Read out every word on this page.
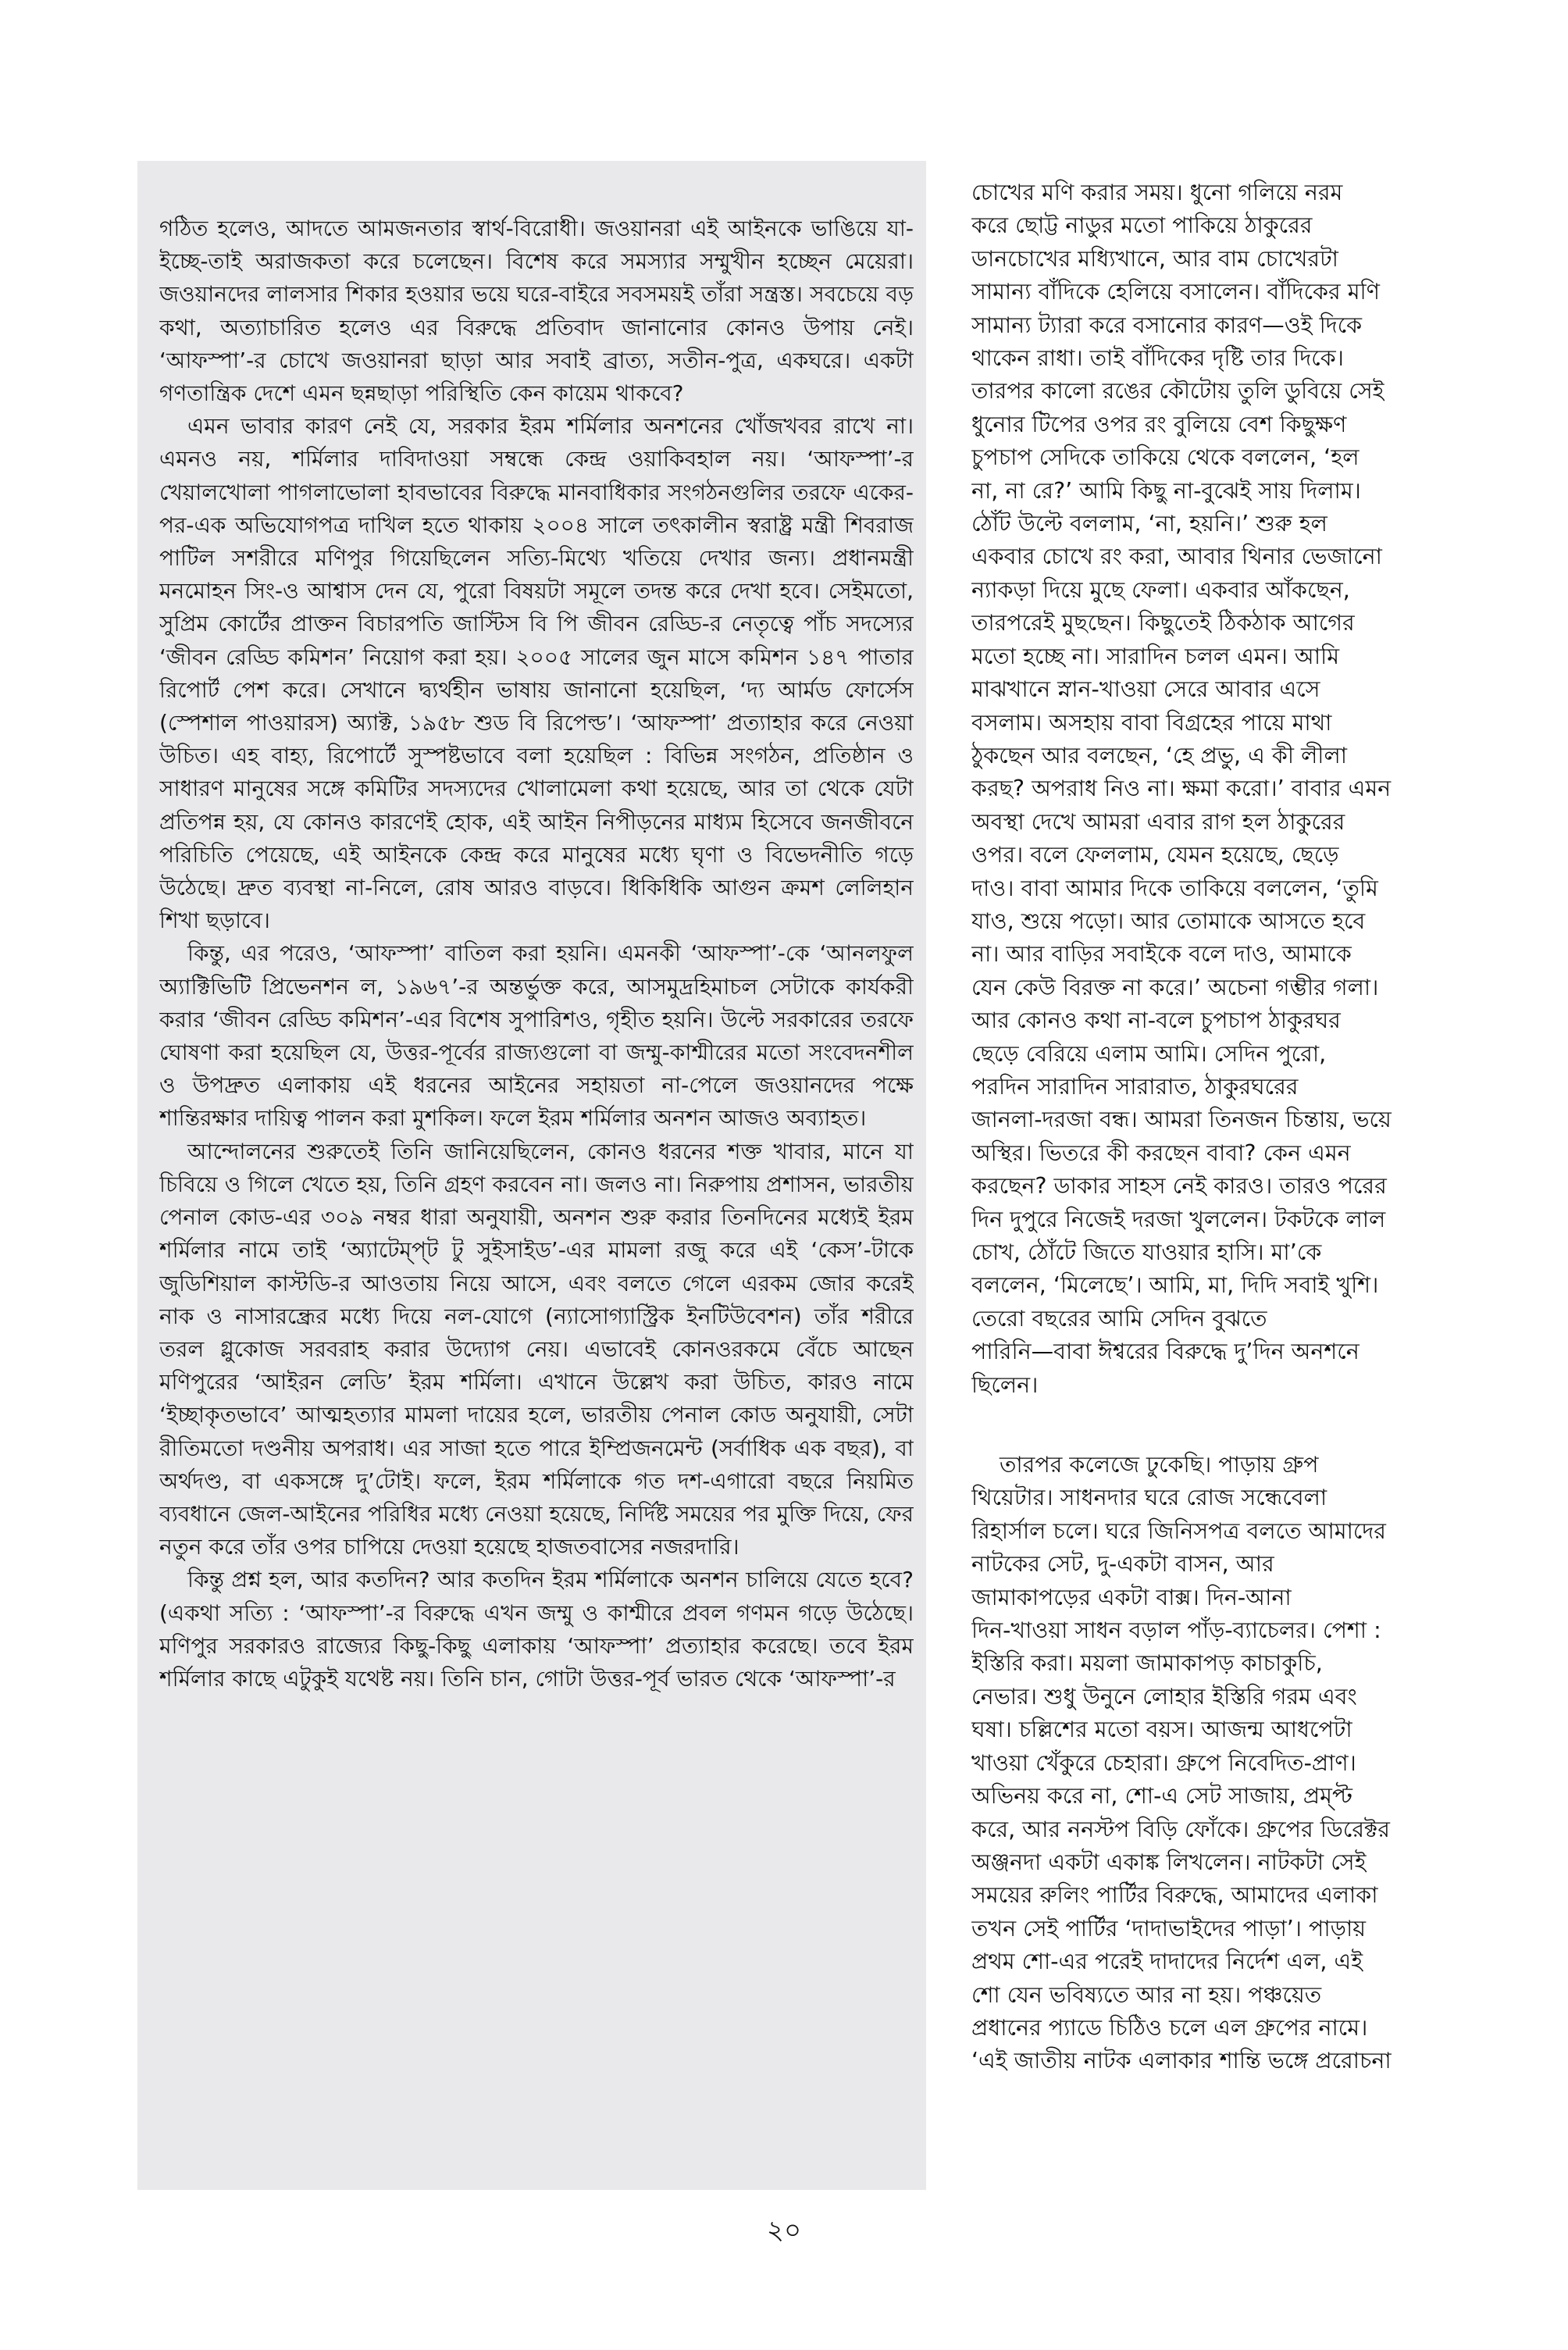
গঠিত হলেও, আদতে আমজনতার স্বার্থ-বিরোধী। জওয়ানরা এই আইনকে ভাঙিয়ে যা-ইচ্ছে-তাই অরাজকতা করে চলেছেন। বিশেষ করে সমস্যার সম্মুখীন হচ্ছেন মেয়েরা। জওয়ানদের লালসার শিকার হওয়ার ভয়ে ঘরে-বাইরে সবসময়ই তাঁরা সন্ত্রস্ত। সবচেয়ে বড় কথা, অত্যাচারিত হলেও এর বিরুদ্ধে প্রতিবাদ জানানোর কোনও উপায় নেই। ‘আফস্পা’-র চোখে জওয়ানরা ছাড়া আর সবাই ব্রাত্য, সতীন-পুত্র, একঘরে। একটা গণতান্ত্রিক দেশে এমন ছন্নছাড়া পরিস্থিতি কেন কায়েম থাকবে?

এমন ভাবার কারণ নেই যে, সরকার ইরম শর্মিলার অনশনের খোঁজখবর রাখে না। এমনও নয়, শর্মিলার দাবিদাওয়া সম্বন্ধে কেন্দ্র ওয়াকিবহাল নয়। ‘আফস্পা’-র খেয়ালখোলা পাগলাভোলা হাবভাবের বিরুদ্ধে মানবাধিকার সংগঠনগুলির তরফে একের-পর-এক অভিযোগপত্র দাখিল হতে থাকায় ২০০৪ সালে তৎকালীন স্বরাষ্ট্র মন্ত্রী শিবরাজ পাটিল সশরীরে মণিপুর গিয়েছিলেন সত্যি-মিথ্যে খতিয়ে দেখার জন্য। প্রধানমন্ত্রী মনমোহন সিং-ও আশ্বাস দেন যে, পুরো বিষয়টা সমূলে তদন্ত করে দেখা হবে। সেইমতো, সুপ্রিম কোর্টের প্রাক্তন বিচারপতি জাস্টিস বি পি জীবন রেড্ডি-র নেতৃত্বে পাঁচ সদস্যের ‘জীবন রেড্ডি কমিশন’ নিয়োগ করা হয়। ২০০৫ সালের জুন মাসে কমিশন ১৪৭ পাতার রিপোর্ট পেশ করে। সেখানে দ্ব্যর্থহীন ভাষায় জানানো হয়েছিল, ‘দ্য আর্মড ফোর্সেস (স্পেশাল পাওয়ারস) অ্যাক্ট, ১৯৫৮ শুড বি রিপেল্ড’। ‘আফস্পা’ প্রত্যাহার করে নেওয়া উচিত। এহ বাহ্য, রিপোর্টে সুস্পষ্টভাবে বলা হয়েছিল : বিভিন্ন সংগঠন, প্রতিষ্ঠান ও সাধারণ মানুষের সঙ্গে কমিটির সদস্যদের খোলামেলা কথা হয়েছে, আর তা থেকে যেটা প্রতিপন্ন হয়, যে কোনও কারণেই হোক, এই আইন নিপীড়নের মাধ্যম হিসেবে জনজীবনে পরিচিতি পেয়েছে, এই আইনকে কেন্দ্র করে মানুষের মধ্যে ঘৃণা ও বিভেদনীতি গড়ে উঠেছে। দ্রুত ব্যবস্থা না-নিলে, রোষ আরও বাড়বে। ধিকিধিকি আগুন ক্রমশ লেলিহান শিখা ছড়াবে।

কিন্তু, এর পরেও, ‘আফস্পা’ বাতিল করা হয়নি। এমনকী ‘আফস্পা’-কে ‘আনলফুল অ্যাক্টিভিটি প্রিভেনশন ল, ১৯৬৭’-র অন্তর্ভুক্ত করে, আসমুদ্রহিমাচল সেটাকে কার্যকরী করার ‘জীবন রেড্ডি কমিশন’-এর বিশেষ সুপারিশও, গৃহীত হয়নি। উল্টে সরকারের তরফে ঘোষণা করা হয়েছিল যে, উত্তর-পূর্বের রাজ্যগুলো বা জম্মু-কাশ্মীরের মতো সংবেদনশীল ও উপদ্রুত এলাকায় এই ধরনের আইনের সহায়তা না-পেলে জওয়ানদের পক্ষে শান্তিরক্ষার দায়িত্ব পালন করা মুশকিল। ফলে ইরম শর্মিলার অনশন আজও অব্যাহত।

আন্দোলনের শুরুতেই তিনি জানিয়েছিলেন, কোনও ধরনের শক্ত খাবার, মানে যা চিবিয়ে ও গিলে খেতে হয়, তিনি গ্রহণ করবেন না। জলও না। নিরুপায় প্রশাসন, ভারতীয় পেনাল কোড-এর ৩০৯ নম্বর ধারা অনুযায়ী, অনশন শুরু করার তিনদিনের মধ্যেই ইরম শর্মিলার নামে তাই ‘অ্যাটেম্প্‌ট টু সুইসাইড’-এর মামলা রজু করে এই ‘কেস’-টাকে জুডিশিয়াল কাস্টডি-র আওতায় নিয়ে আসে, এবং বলতে গেলে এরকম জোর করেই নাক ও নাসারন্ধ্রের মধ্যে দিয়ে নল-যোগে (ন্যাসোগ্যাস্ট্রিক ইনটিউবেশন) তাঁর শরীরে তরল গ্লুকোজ সরবরাহ করার উদ্যোগ নেয়। এভাবেই কোনওরকমে বেঁচে আছেন মণিপুরের ‘আইরন লেডি’ ইরম শর্মিলা। এখানে উল্লেখ করা উচিত, কারও নামে ‘ইচ্ছাকৃতভাবে’ আত্মহত্যার মামলা দায়ের হলে, ভারতীয় পেনাল কোড অনুযায়ী, সেটা রীতিমতো দণ্ডনীয় অপরাধ। এর সাজা হতে পারে ইম্প্রিজনমেন্ট (সর্বাধিক এক বছর), বা অর্থদণ্ড, বা একসঙ্গে দু’টোই। ফলে, ইরম শর্মিলাকে গত দশ-এগারো বছরে নিয়মিত ব্যবধানে জেল-আইনের পরিধির মধ্যে নেওয়া হয়েছে, নির্দিষ্ট সময়ের পর মুক্তি দিয়ে, ফের নতুন করে তাঁর ওপর চাপিয়ে দেওয়া হয়েছে হাজতবাসের নজরদারি।

কিন্তু প্রশ্ন হল, আর কতদিন? আর কতদিন ইরম শর্মিলাকে অনশন চালিয়ে যেতে হবে? (একথা সত্যি : ‘আফস্পা’-র বিরুদ্ধে এখন জম্মু ও কাশ্মীরে প্রবল গণমন গড়ে উঠেছে। মণিপুর সরকারও রাজ্যের কিছু-কিছু এলাকায় ‘আফস্পা’ প্রত্যাহার করেছে। তবে ইরম শর্মিলার কাছে এটুকুই যথেষ্ট নয়। তিনি চান, গোটা উত্তর-পূর্ব ভারত থেকে ‘আফস্পা’-র

চোখের মণি করার সময়। ধুনো গলিয়ে নরম
করে ছোট্ট নাডুর মতো পাকিয়ে ঠাকুরের
ডানচোখের মধ্যিখানে, আর বাম চোখেরটা
সামান্য বাঁদিকে হেলিয়ে বসালেন। বাঁদিকের মণি
সামান্য ট্যারা করে বসানোর কারণ—ওই দিকে
থাকেন রাধা। তাই বাঁদিকের দৃষ্টি তার দিকে।
তারপর কালো রঙের কৌটোয় তুলি ডুবিয়ে সেই
ধুনোর টিপের ওপর রং বুলিয়ে বেশ কিছুক্ষণ
চুপচাপ সেদিকে তাকিয়ে থেকে বললেন, ‘হল
না, না রে?’ আমি কিছু না-বুঝেই সায় দিলাম।
ঠোঁট উল্টে বললাম, ‘না, হয়নি।’ শুরু হল
একবার চোখে রং করা, আবার থিনার ভেজানো
ন্যাকড়া দিয়ে মুছে ফেলা। একবার আঁকছেন,
তারপরেই মুছছেন। কিছুতেই ঠিকঠাক আগের
মতো হচ্ছে না। সারাদিন চলল এমন। আমি
মাঝখানে স্নান-খাওয়া সেরে আবার এসে
বসলাম। অসহায় বাবা বিগ্রহের পায়ে মাথা
ঠুকছেন আর বলছেন, ‘হে প্রভু, এ কী লীলা
করছ? অপরাধ নিও না। ক্ষমা করো।’ বাবার এমন
অবস্থা দেখে আমরা এবার রাগ হল ঠাকুরের
ওপর। বলে ফেললাম, যেমন হয়েছে, ছেড়ে
দাও। বাবা আমার দিকে তাকিয়ে বললেন, ‘তুমি
যাও, শুয়ে পড়ো। আর তোমাকে আসতে হবে
না। আর বাড়ির সবাইকে বলে দাও, আমাকে
যেন কেউ বিরক্ত না করে।’ অচেনা গম্ভীর গলা।
আর কোনও কথা না-বলে চুপচাপ ঠাকুরঘর
ছেড়ে বেরিয়ে এলাম আমি। সেদিন পুরো,
পরদিন সারাদিন সারারাত, ঠাকুরঘরের
জানলা-দরজা বন্ধ। আমরা তিনজন চিন্তায়, ভয়ে
অস্থির। ভিতরে কী করছেন বাবা? কেন এমন
করছেন? ডাকার সাহস নেই কারও। তারও পরের
দিন দুপুরে নিজেই দরজা খুললেন। টকটকে লাল
চোখ, ঠোঁটে জিতে যাওয়ার হাসি। মা’কে
বললেন, ‘মিলেছে’। আমি, মা, দিদি সবাই খুশি।
তেরো বছরের আমি সেদিন বুঝতে
পারিনি—বাবা ঈশ্বরের বিরুদ্ধে দু’দিন অনশনে
ছিলেন।

তারপর কলেজে ঢুকেছি। পাড়ায় গ্রুপ
থিয়েটার। সাধনদার ঘরে রোজ সন্ধেবেলা
রিহার্সাল চলে। ঘরে জিনিসপত্র বলতে আমাদের
নাটকের সেট, দু-একটা বাসন, আর
জামাকাপড়ের একটা বাক্স। দিন-আনা
দিন-খাওয়া সাধন বড়াল পাঁড়-ব্যাচেলর। পেশা :
ইস্তিরি করা। ময়লা জামাকাপড় কাচাকুচি,
নেভার। শুধু উনুনে লোহার ইস্তিরি গরম এবং
ঘষা। চল্লিশের মতো বয়স। আজন্ম আধপেটা
খাওয়া খেঁকুরে চেহারা। গ্রুপে নিবেদিত-প্রাণ।
অভিনয় করে না, শো-এ সেট সাজায়, প্রম্প্ট
করে, আর ননস্টপ বিড়ি ফোঁকে। গ্রুপের ডিরেক্টর
অঞ্জনদা একটা একাঙ্ক লিখলেন। নাটকটা সেই
সময়ের রুলিং পার্টির বিরুদ্ধে, আমাদের এলাকা
তখন সেই পার্টির ‘দাদাভাইদের পাড়া’। পাড়ায়
প্রথম শো-এর পরেই দাদাদের নির্দেশ এল, এই
শো যেন ভবিষ্যতে আর না হয়। পঞ্চয়েত
প্রধানের প্যাডে চিঠিও চলে এল গ্রুপের নামে।
‘এই জাতীয় নাটক এলাকার শান্তি ভঙ্গে প্ররোচনা

২০
